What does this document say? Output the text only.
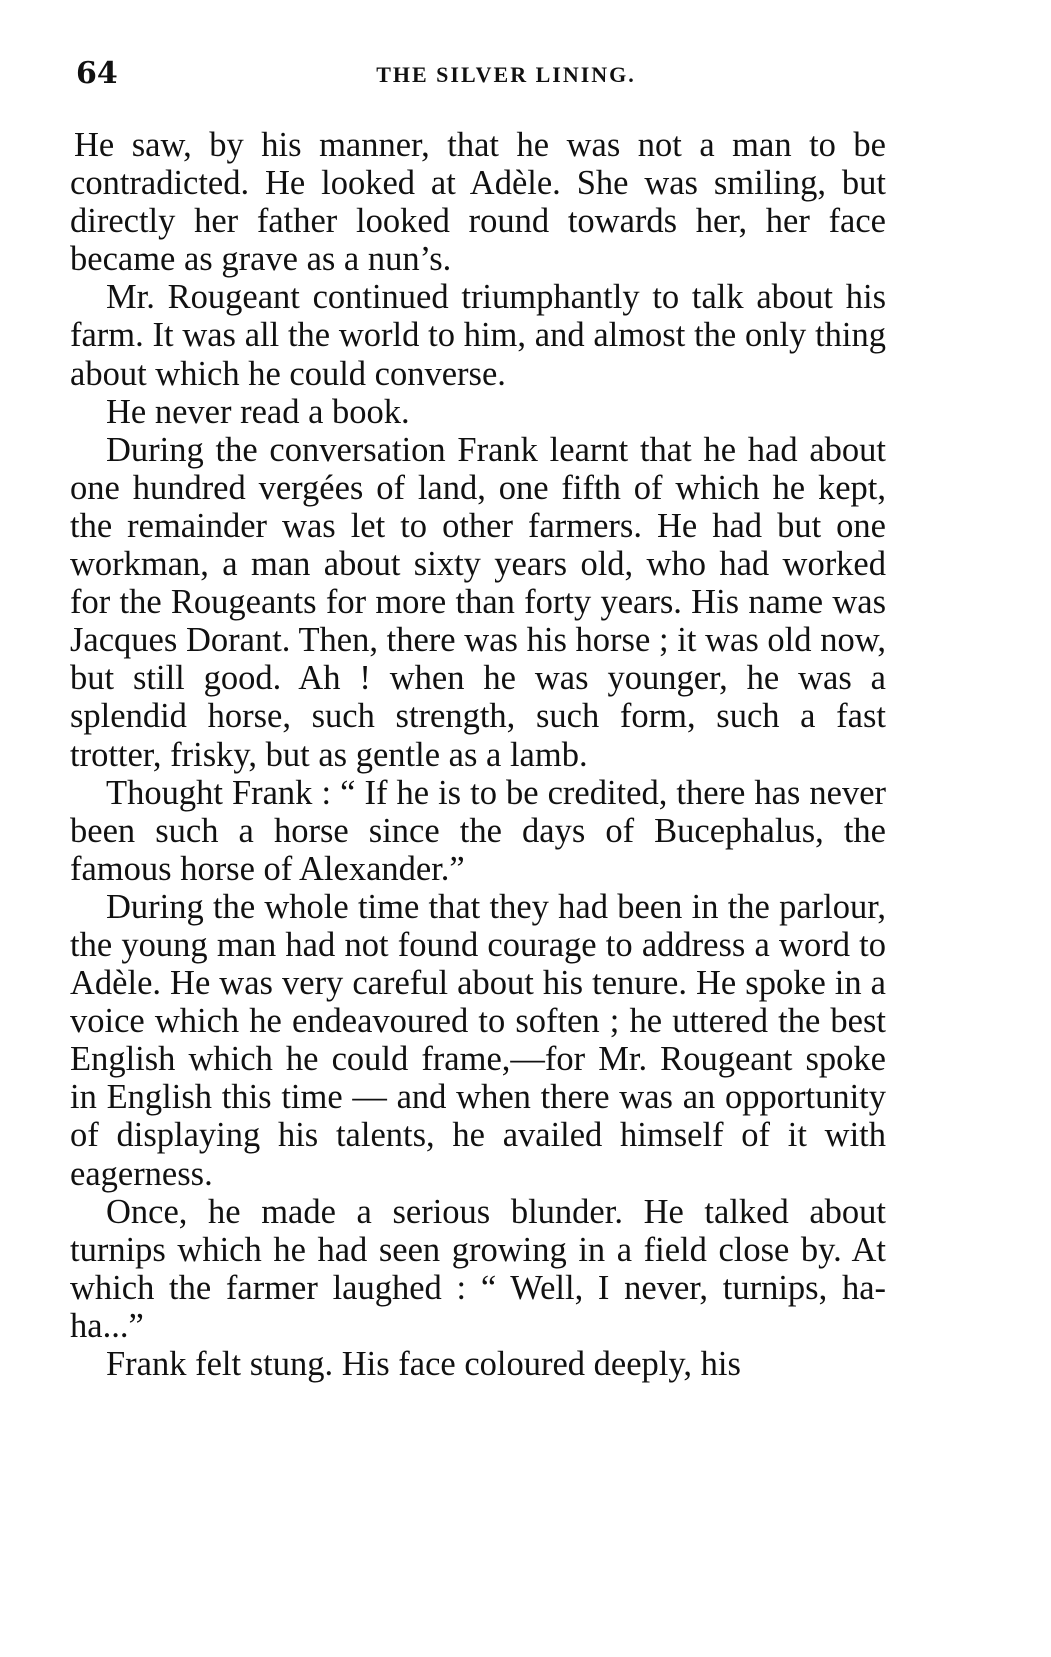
64	THE SILVER LINING.

He saw, by his manner, that he was not a man to be contradicted. He looked at Adèle. She was smiling, but directly her father looked round towards her, her face became as grave as a nun’s.

Mr. Rougeant continued triumphantly to talk about his farm. It was all the world to him, and almost the only thing about which he could converse.

He never read a book.

During the conversation Frank learnt that he had about one hundred vergées of land, one fifth of which he kept, the remainder was let to other farmers. He had but one workman, a man about sixty years old, who had worked for the Rougeants for more than forty years. His name was Jacques Dorant. Then, there was his horse ; it was old now, but still good. Ah ! when he was younger, he was a splendid horse, such strength, such form, such a fast trotter, frisky, but as gentle as a lamb.

Thought Frank : “ If he is to be credited, there has never been such a horse since the days of Bucephalus, the famous horse of Alexander.”

During the whole time that they had been in the parlour, the young man had not found courage to address a word to Adèle. He was very careful about his tenure. He spoke in a voice which he endeavoured to soften ; he uttered the best English which he could frame,—for Mr. Rougeant spoke in English this time — and when there was an opportunity of displaying his talents, he availed himself of it with eagerness.

Once, he made a serious blunder. He talked about turnips which he had seen growing in a field close by. At which the farmer laughed : “ Well, I never, turnips, ha-ha...”

Frank felt stung. His face coloured deeply, his
